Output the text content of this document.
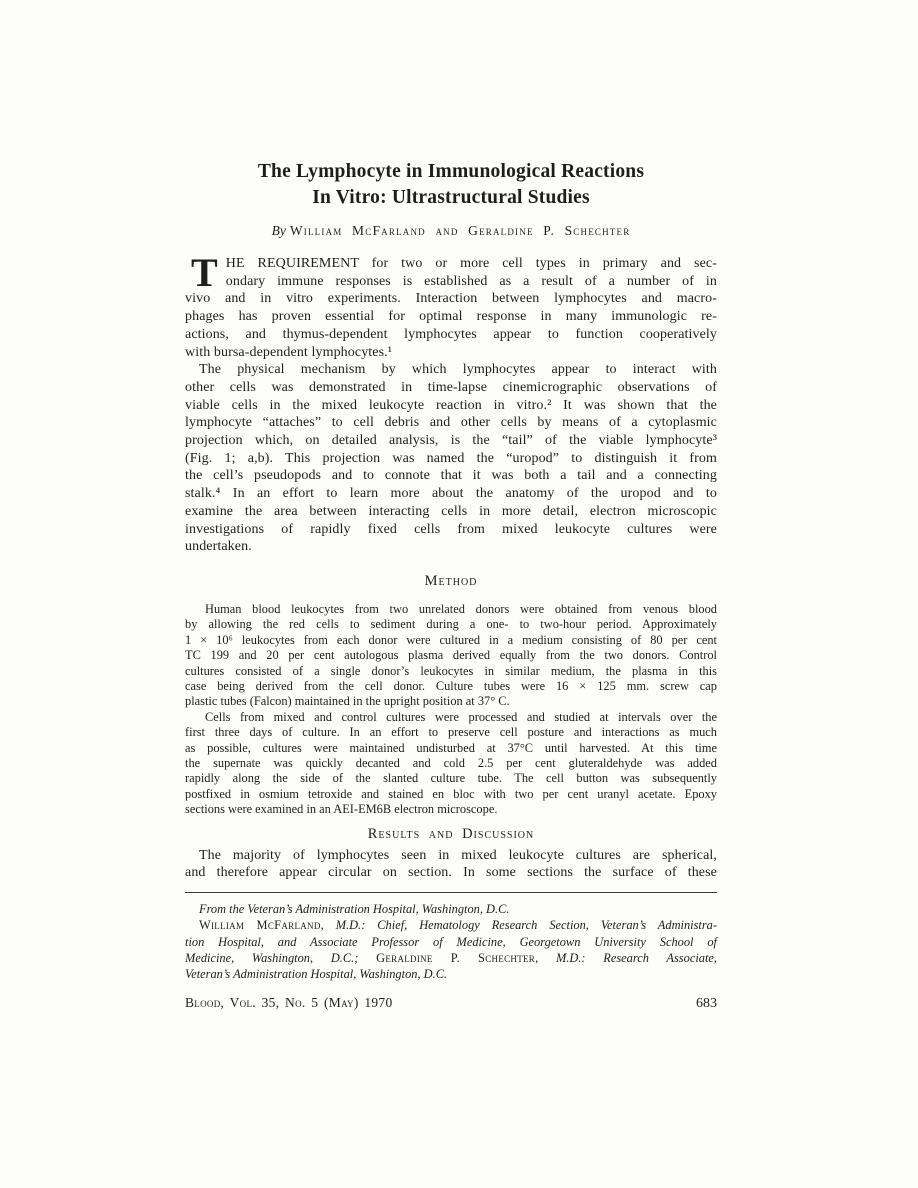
The Lymphocyte in Immunological Reactions
In Vitro: Ultrastructural Studies
By William McFarland and Geraldine P. Schechter
T HE REQUIREMENT for two or more cell types in primary and sec-
ondary immune responses is established as a result of a number of in
vivo and in vitro experiments. Interaction between lymphocytes and macro-
phages has proven essential for optimal response in many immunologic re-
actions, and thymus-dependent lymphocytes appear to function cooperatively
with bursa-dependent lymphocytes.¹
The physical mechanism by which lymphocytes appear to interact with
other cells was demonstrated in time-lapse cinemicrographic observations of
viable cells in the mixed leukocyte reaction in vitro.² It was shown that the
lymphocyte “attaches” to cell debris and other cells by means of a cytoplasmic
projection which, on detailed analysis, is the “tail” of the viable lymphocyte³
(Fig. 1; a,b). This projection was named the “uropod” to distinguish it from
the cell’s pseudopods and to connote that it was both a tail and a connecting
stalk.⁴ In an effort to learn more about the anatomy of the uropod and to
examine the area between interacting cells in more detail, electron microscopic
investigations of rapidly fixed cells from mixed leukocyte cultures were
undertaken.
Method
Human blood leukocytes from two unrelated donors were obtained from venous blood
by allowing the red cells to sediment during a one- to two-hour period. Approximately
1 × 10⁶ leukocytes from each donor were cultured in a medium consisting of 80 per cent
TC 199 and 20 per cent autologous plasma derived equally from the two donors. Control
cultures consisted of a single donor’s leukocytes in similar medium, the plasma in this
case being derived from the cell donor. Culture tubes were 16 × 125 mm. screw cap
plastic tubes (Falcon) maintained in the upright position at 37° C.
Cells from mixed and control cultures were processed and studied at intervals over the
first three days of culture. In an effort to preserve cell posture and interactions as much
as possible, cultures were maintained undisturbed at 37°C until harvested. At this time
the supernate was quickly decanted and cold 2.5 per cent gluteraldehyde was added
rapidly along the side of the slanted culture tube. The cell button was subsequently
postfixed in osmium tetroxide and stained en bloc with two per cent uranyl acetate. Epoxy
sections were examined in an AEI-EM6B electron microscope.
Results and Discussion
The majority of lymphocytes seen in mixed leukocyte cultures are spherical,
and therefore appear circular on section. In some sections the surface of these
From the Veteran’s Administration Hospital, Washington, D.C.
William McFarland, M.D.: Chief, Hematology Research Section, Veteran’s Administra-
tion Hospital, and Associate Professor of Medicine, Georgetown University School of
Medicine, Washington, D.C.; Geraldine P. Schechter, M.D.: Research Associate,
Veteran’s Administration Hospital, Washington, D.C.
Blood, Vol. 35, No. 5 (May) 1970	683
